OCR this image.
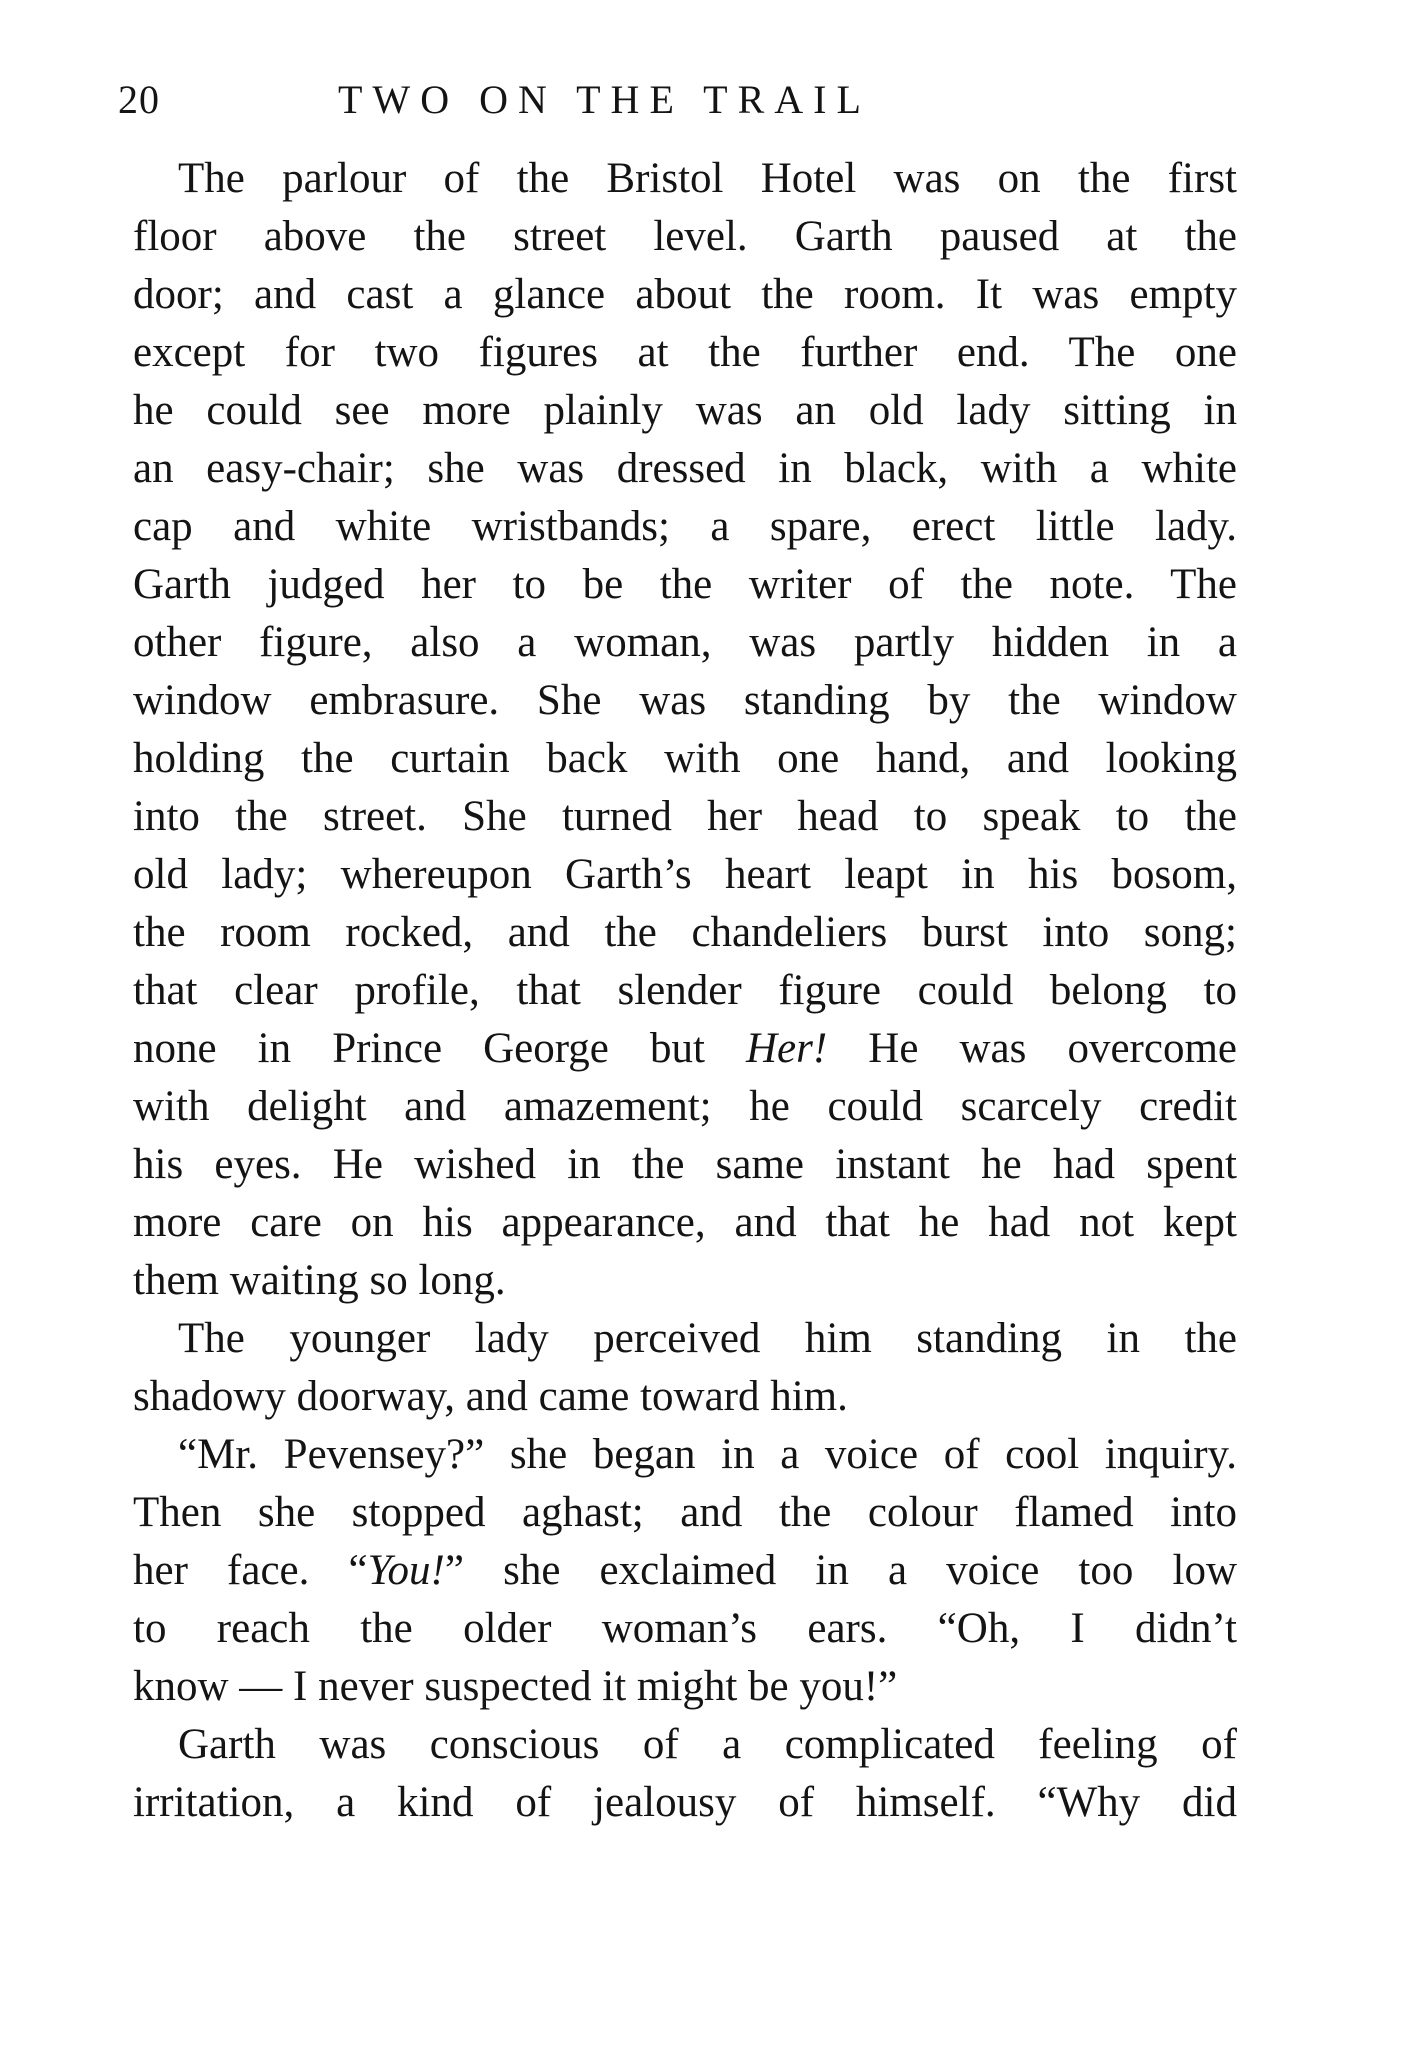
20	TWO ON THE TRAIL

The parlour of the Bristol Hotel was on the first
floor above the street level. Garth paused at the
door; and cast a glance about the room. It was empty
except for two figures at the further end. The one
he could see more plainly was an old lady sitting in
an easy-chair; she was dressed in black, with a white
cap and white wristbands; a spare, erect little lady.
Garth judged her to be the writer of the note. The
other figure, also a woman, was partly hidden in a
window embrasure. She was standing by the window
holding the curtain back with one hand, and looking
into the street. She turned her head to speak to the
old lady; whereupon Garth’s heart leapt in his bosom,
the room rocked, and the chandeliers burst into song;
that clear profile, that slender figure could belong to
none in Prince George but Her! He was overcome
with delight and amazement; he could scarcely credit
his eyes. He wished in the same instant he had spent
more care on his appearance, and that he had not kept
them waiting so long.

The younger lady perceived him standing in the
shadowy doorway, and came toward him.

“Mr. Pevensey?” she began in a voice of cool inquiry.
Then she stopped aghast; and the colour flamed into
her face. “You!” she exclaimed in a voice too low
to reach the older woman’s ears. “Oh, I didn’t
know — I never suspected it might be you!”

Garth was conscious of a complicated feeling of
irritation, a kind of jealousy of himself. “Why did
